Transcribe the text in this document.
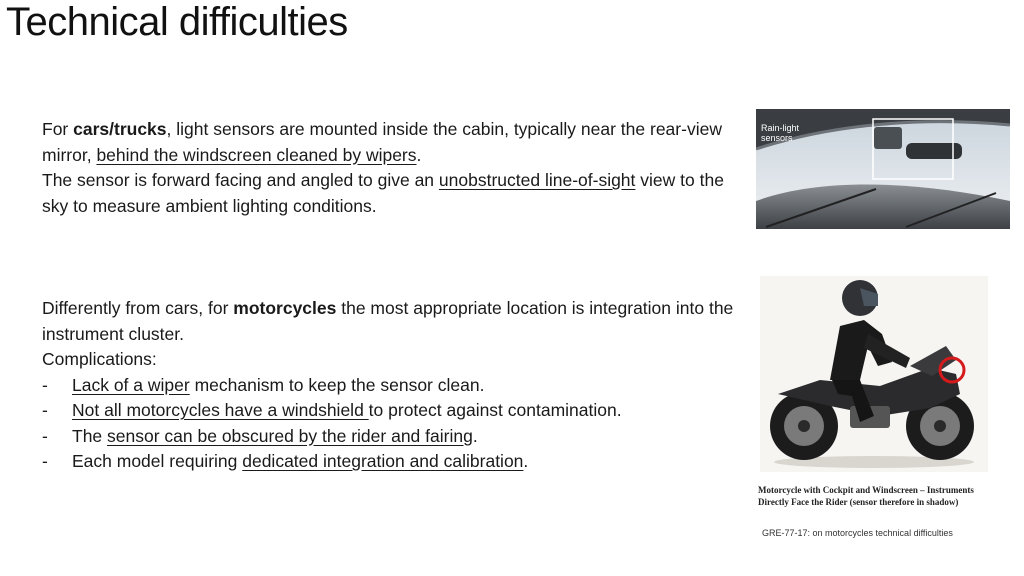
Technical difficulties

For cars/trucks, light sensors are mounted inside the cabin, typically near the rear-view mirror, behind the windscreen cleaned by wipers.
The sensor is forward facing and angled to give an unobstructed line-of-sight view to the sky to measure ambient lighting conditions.

Differently from cars, for motorcycles the most appropriate location is integration into the instrument cluster.
Complications:
-	Lack of a wiper mechanism to keep the sensor clean.
-	Not all motorcycles have a windshield to protect against contamination.
-	The sensor can be obscured by the rider and fairing.
-	Each model requiring dedicated integration and calibration.
Rain-light sensors
Motorcycle with Cockpit and Windscreen – Instruments Directly Face the Rider (sensor therefore in shadow)
GRE-77-17: on motorcycles technical difficulties
